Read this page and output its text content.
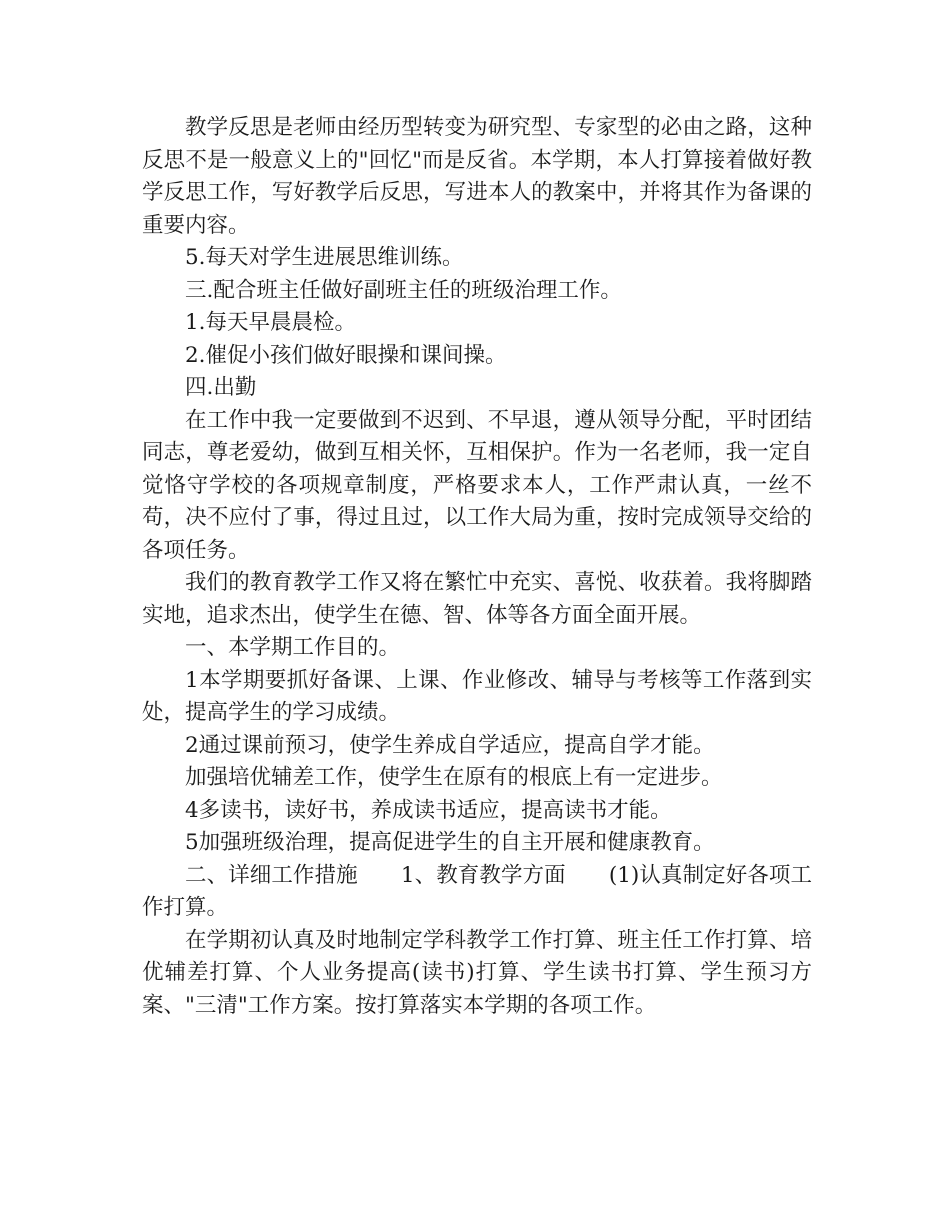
教学反思是老师由经历型转变为研究型、专家型的必由之路，这种反思不是一般意义上的"回忆"而是反省。本学期，本人打算接着做好教学反思工作，写好教学后反思，写进本人的教案中，并将其作为备课的重要内容。

5.每天对学生进展思维训练。

三.配合班主任做好副班主任的班级治理工作。

1.每天早晨晨检。

2.催促小孩们做好眼操和课间操。

四.出勤

在工作中我一定要做到不迟到、不早退，遵从领导分配，平时团结同志，尊老爱幼，做到互相关怀，互相保护。作为一名老师，我一定自觉恪守学校的各项规章制度，严格要求本人，工作严肃认真，一丝不苟，决不应付了事，得过且过，以工作大局为重，按时完成领导交给的各项任务。

我们的教育教学工作又将在繁忙中充实、喜悦、收获着。我将脚踏实地，追求杰出，使学生在德、智、体等各方面全面开展。

一、本学期工作目的。

1本学期要抓好备课、上课、作业修改、辅导与考核等工作落到实处，提高学生的学习成绩。

2通过课前预习，使学生养成自学适应，提高自学才能。

加强培优辅差工作，使学生在原有的根底上有一定进步。

4多读书，读好书，养成读书适应，提高读书才能。

5加强班级治理，提高促进学生的自主开展和健康教育。

二、详细工作措施　　1、教育教学方面　　(1)认真制定好各项工作打算。

在学期初认真及时地制定学科教学工作打算、班主任工作打算、培优辅差打算、个人业务提高(读书)打算、学生读书打算、学生预习方案、"三清"工作方案。按打算落实本学期的各项工作。
